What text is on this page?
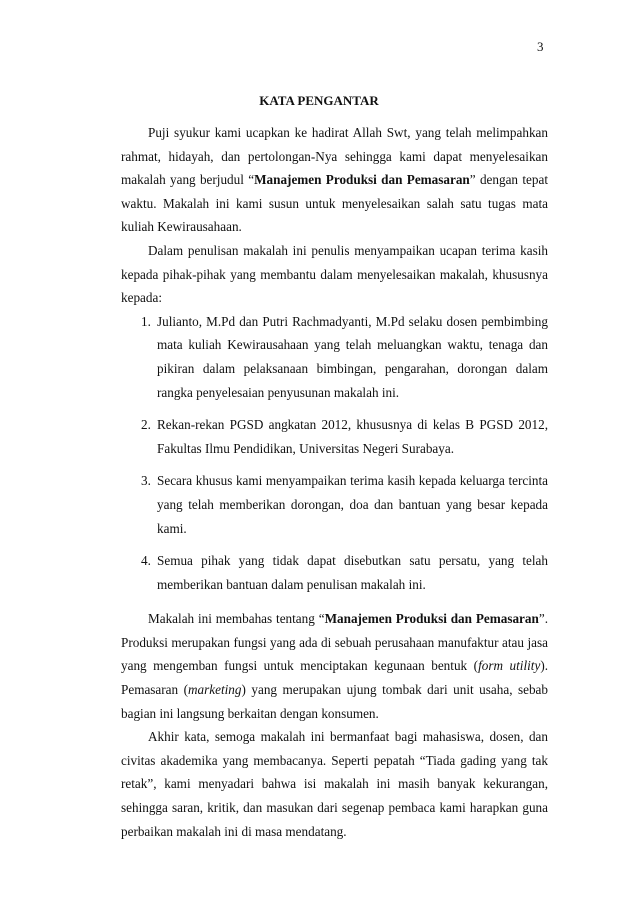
3
KATA PENGANTAR

Puji syukur kami ucapkan ke hadirat Allah Swt, yang telah melimpahkan rahmat, hidayah, dan pertolongan-Nya sehingga kami dapat menyelesaikan makalah yang berjudul “Manajemen Produksi dan Pemasaran” dengan tepat waktu. Makalah ini kami susun untuk menyelesaikan salah satu tugas mata kuliah Kewirausahaan.

Dalam penulisan makalah ini penulis menyampaikan ucapan terima kasih kepada pihak-pihak yang membantu dalam menyelesaikan makalah, khususnya kepada:

1. Julianto, M.Pd dan Putri Rachmadyanti, M.Pd selaku dosen pembimbing mata kuliah Kewirausahaan yang telah meluangkan waktu, tenaga dan pikiran dalam pelaksanaan bimbingan, pengarahan, dorongan dalam rangka penyelesaian penyusunan makalah ini.
2. Rekan-rekan PGSD angkatan 2012, khususnya di kelas B PGSD 2012, Fakultas Ilmu Pendidikan, Universitas Negeri Surabaya.
3. Secara khusus kami menyampaikan terima kasih kepada keluarga tercinta yang telah memberikan dorongan, doa dan bantuan yang besar kepada kami.
4. Semua pihak yang tidak dapat disebutkan satu persatu, yang telah memberikan bantuan dalam penulisan makalah ini.

Makalah ini membahas tentang “Manajemen Produksi dan Pemasaran”. Produksi merupakan fungsi yang ada di sebuah perusahaan manufaktur atau jasa yang mengemban fungsi untuk menciptakan kegunaan bentuk (form utility). Pemasaran (marketing) yang merupakan ujung tombak dari unit usaha, sebab bagian ini langsung berkaitan dengan konsumen.

Akhir kata, semoga makalah ini bermanfaat bagi mahasiswa, dosen, dan civitas akademika yang membacanya. Seperti pepatah “Tiada gading yang tak retak”, kami menyadari bahwa isi makalah ini masih banyak kekurangan, sehingga saran, kritik, dan masukan dari segenap pembaca kami harapkan guna perbaikan makalah ini di masa mendatang.
